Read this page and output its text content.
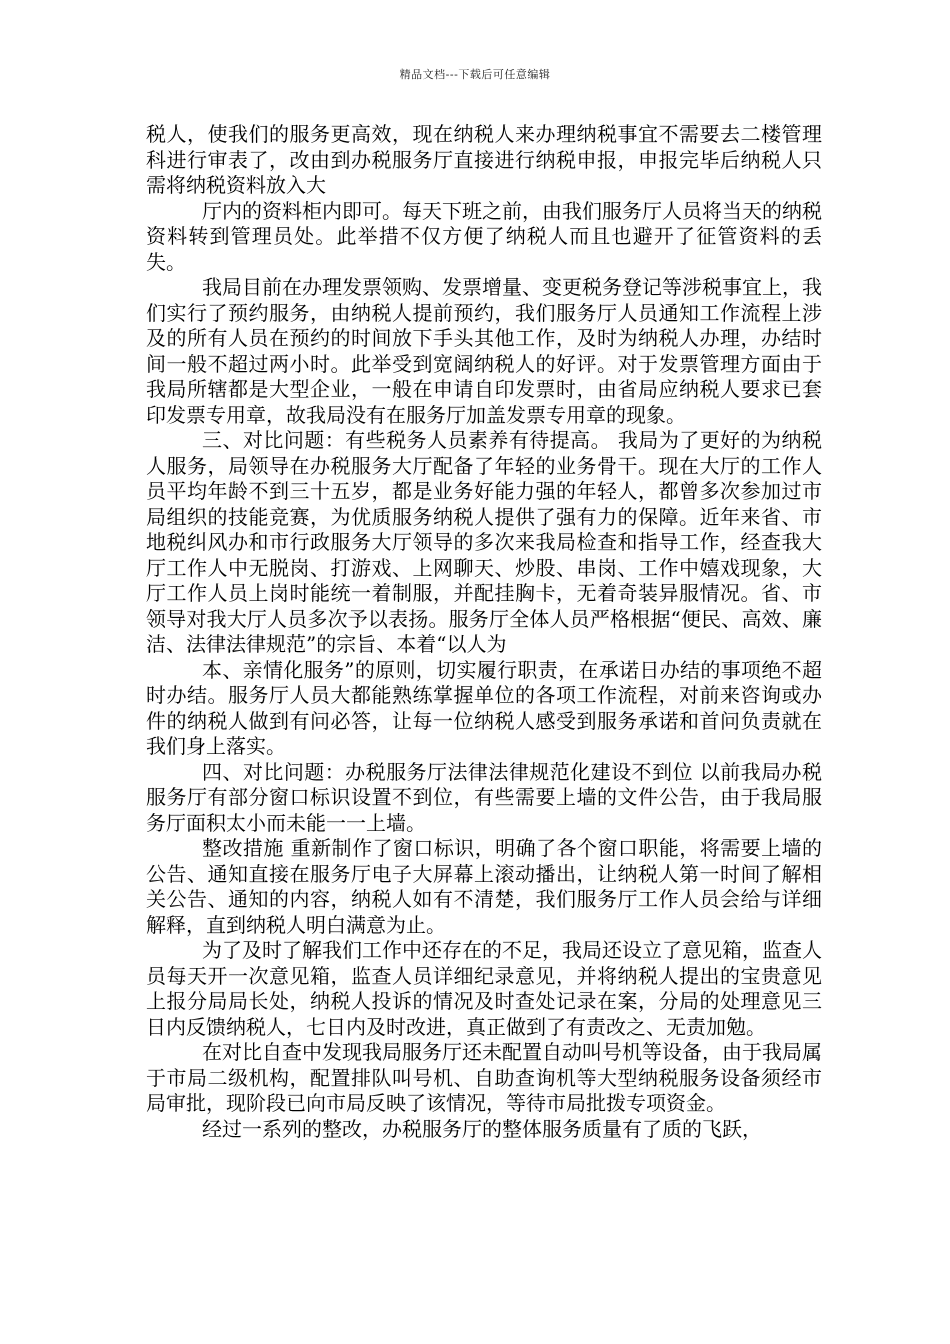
精品文档---下载后可任意编辑

税人，使我们的服务更高效，现在纳税人来办理纳税事宜不需要去二楼管理科进行审表了，改由到办税服务厅直接进行纳税申报，申报完毕后纳税人只需将纳税资料放入大

厅内的资料柜内即可。每天下班之前，由我们服务厅人员将当天的纳税资料转到管理员处。此举措不仅方便了纳税人而且也避开了征管资料的丢失。

我局目前在办理发票领购、发票增量、变更税务登记等涉税事宜上，我们实行了预约服务，由纳税人提前预约，我们服务厅人员通知工作流程上涉及的所有人员在预约的时间放下手头其他工作，及时为纳税人办理，办结时间一般不超过两小时。此举受到宽阔纳税人的好评。对于发票管理方面由于我局所辖都是大型企业，一般在申请自印发票时，由省局应纳税人要求已套印发票专用章，故我局没有在服务厅加盖发票专用章的现象。

三、对比问题：有些税务人员素养有待提高。 我局为了更好的为纳税人服务，局领导在办税服务大厅配备了年轻的业务骨干。现在大厅的工作人员平均年龄不到三十五岁，都是业务好能力强的年轻人，都曾多次参加过市局组织的技能竞赛，为优质服务纳税人提供了强有力的保障。近年来省、市地税纠风办和市行政服务大厅领导的多次来我局检查和指导工作，经查我大厅工作人中无脱岗、打游戏、上网聊天、炒股、串岗、工作中嬉戏现象，大厅工作人员上岗时能统一着制服，并配挂胸卡，无着奇装异服情况。省、市领导对我大厅人员多次予以表扬。服务厅全体人员严格根据“便民、高效、廉洁、法律法律规范”的宗旨、本着“以人为

本、亲情化服务”的原则，切实履行职责，在承诺日办结的事项绝不超时办结。服务厅人员大都能熟练掌握单位的各项工作流程，对前来咨询或办件的纳税人做到有问必答，让每一位纳税人感受到服务承诺和首问负责就在我们身上落实。

四、对比问题：办税服务厅法律法律规范化建设不到位 以前我局办税服务厅有部分窗口标识设置不到位，有些需要上墙的文件公告，由于我局服务厅面积太小而未能一一上墙。

整改措施 重新制作了窗口标识，明确了各个窗口职能，将需要上墙的公告、通知直接在服务厅电子大屏幕上滚动播出，让纳税人第一时间了解相关公告、通知的内容，纳税人如有不清楚，我们服务厅工作人员会给与详细解释，直到纳税人明白满意为止。

为了及时了解我们工作中还存在的不足，我局还设立了意见箱，监查人员每天开一次意见箱，监查人员详细纪录意见，并将纳税人提出的宝贵意见上报分局局长处，纳税人投诉的情况及时查处记录在案，分局的处理意见三日内反馈纳税人，七日内及时改进，真正做到了有责改之、无责加勉。

在对比自查中发现我局服务厅还未配置自动叫号机等设备，由于我局属于市局二级机构，配置排队叫号机、自助查询机等大型纳税服务设备须经市局审批，现阶段已向市局反映了该情况，等待市局批拨专项资金。

经过一系列的整改，办税服务厅的整体服务质量有了质的飞跃，
